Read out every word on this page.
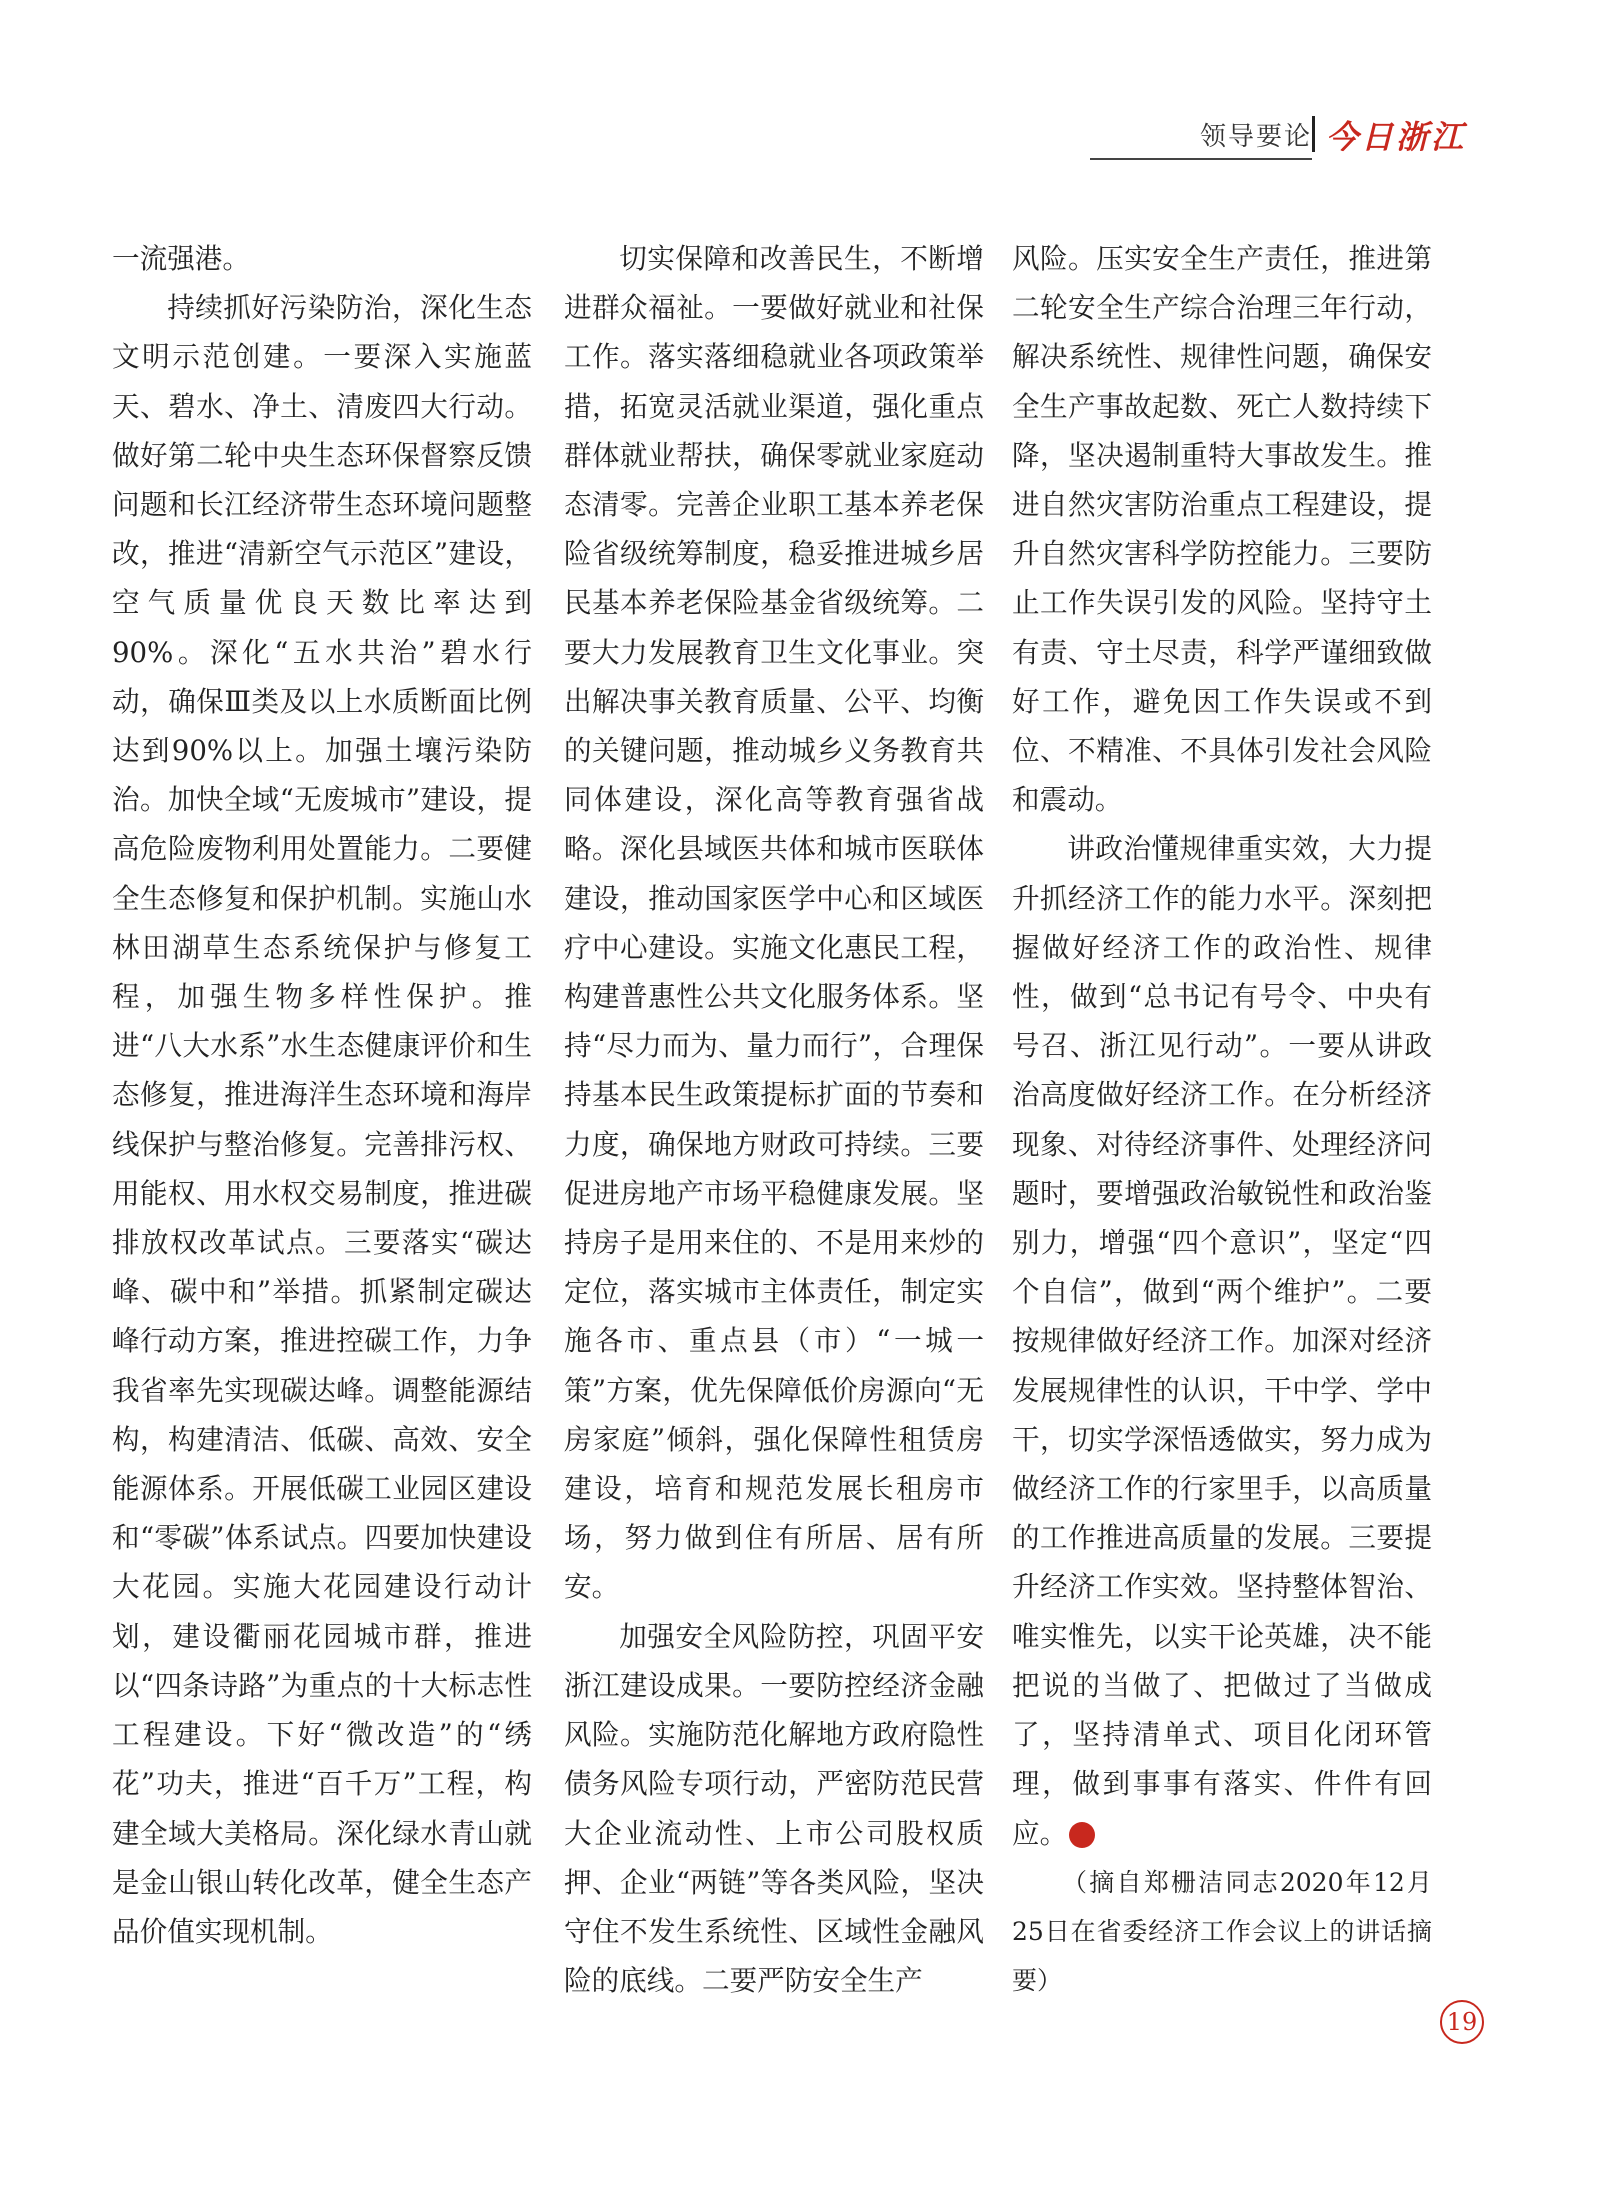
领导要论 今日浙江

一流强港。

持续抓好污染防治，深化生态文明示范创建。一要深入实施蓝天、碧水、净土、清废四大行动。做好第二轮中央生态环保督察反馈问题和长江经济带生态环境问题整改，推进“清新空气示范区”建设，空气质量优良天数比率达到90%。深化“五水共治”碧水行动，确保Ⅲ类及以上水质断面比例达到90%以上。加强土壤污染防治。加快全域“无废城市”建设，提高危险废物利用处置能力。二要健全生态修复和保护机制。实施山水林田湖草生态系统保护与修复工程，加强生物多样性保护。推进“八大水系”水生态健康评价和生态修复，推进海洋生态环境和海岸线保护与整治修复。完善排污权、用能权、用水权交易制度，推进碳排放权改革试点。三要落实“碳达峰、碳中和”举措。抓紧制定碳达峰行动方案，推进控碳工作，力争我省率先实现碳达峰。调整能源结构，构建清洁、低碳、高效、安全能源体系。开展低碳工业园区建设和“零碳”体系试点。四要加快建设大花园。实施大花园建设行动计划，建设衢丽花园城市群，推进以“四条诗路”为重点的十大标志性工程建设。下好“微改造”的“绣花”功夫，推进“百千万”工程，构建全域大美格局。深化绿水青山就是金山银山转化改革，健全生态产品价值实现机制。

切实保障和改善民生，不断增进群众福祉。一要做好就业和社保工作。落实落细稳就业各项政策举措，拓宽灵活就业渠道，强化重点群体就业帮扶，确保零就业家庭动态清零。完善企业职工基本养老保险省级统筹制度，稳妥推进城乡居民基本养老保险基金省级统筹。二要大力发展教育卫生文化事业。突出解决事关教育质量、公平、均衡的关键问题，推动城乡义务教育共同体建设，深化高等教育强省战略。深化县域医共体和城市医联体建设，推动国家医学中心和区域医疗中心建设。实施文化惠民工程，构建普惠性公共文化服务体系。坚持“尽力而为、量力而行”，合理保持基本民生政策提标扩面的节奏和力度，确保地方财政可持续。三要促进房地产市场平稳健康发展。坚持房子是用来住的、不是用来炒的定位，落实城市主体责任，制定实施各市、重点县（市）“一城一策”方案，优先保障低价房源向“无房家庭”倾斜，强化保障性租赁房建设，培育和规范发展长租房市场，努力做到住有所居、居有所安。

加强安全风险防控，巩固平安浙江建设成果。一要防控经济金融风险。实施防范化解地方政府隐性债务风险专项行动，严密防范民营大企业流动性、上市公司股权质押、企业“两链”等各类风险，坚决守住不发生系统性、区域性金融风险的底线。二要严防安全生产

风险。压实安全生产责任，推进第二轮安全生产综合治理三年行动，解决系统性、规律性问题，确保安全生产事故起数、死亡人数持续下降，坚决遏制重特大事故发生。推进自然灾害防治重点工程建设，提升自然灾害科学防控能力。三要防止工作失误引发的风险。坚持守土有责、守土尽责，科学严谨细致做好工作，避免因工作失误或不到位、不精准、不具体引发社会风险和震动。

讲政治懂规律重实效，大力提升抓经济工作的能力水平。深刻把握做好经济工作的政治性、规律性，做到“总书记有号令、中央有号召、浙江见行动”。一要从讲政治高度做好经济工作。在分析经济现象、对待经济事件、处理经济问题时，要增强政治敏锐性和政治鉴别力，增强“四个意识”，坚定“四个自信”，做到“两个维护”。二要按规律做好经济工作。加深对经济发展规律性的认识，干中学、学中干，切实学深悟透做实，努力成为做经济工作的行家里手，以高质量的工作推进高质量的发展。三要提升经济工作实效。坚持整体智治、唯实惟先，以实干论英雄，决不能把说的当做了、把做过了当做成了，坚持清单式、项目化闭环管理，做到事事有落实、件件有回应。	今

（摘自郑栅洁同志2020年12月25日在省委经济工作会议上的讲话摘要）

19
